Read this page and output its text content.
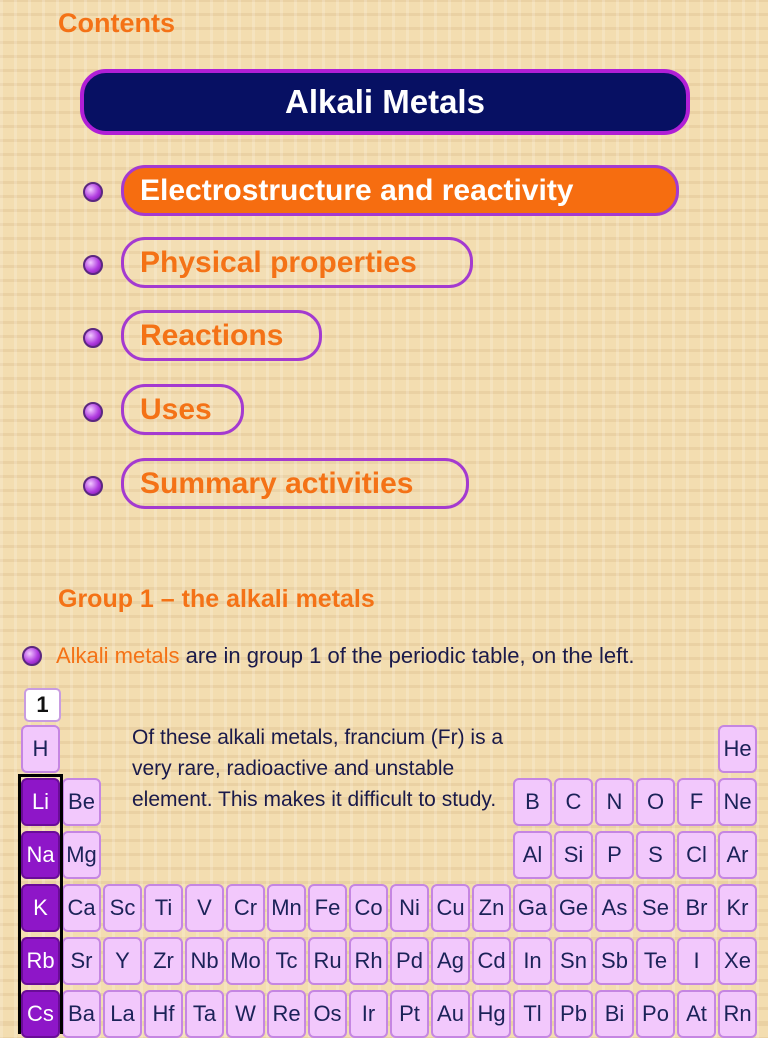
Contents
Alkali Metals
Electrostructure and reactivity
Physical properties
Reactions
Uses
Summary activities
Group 1 – the alkali metals
Alkali metals are in group 1 of the periodic table, on the left.
Of these alkali metals, francium (Fr) is a very rare, radioactive and unstable element. This makes it difficult to study.
1
H	He
Li Be	B	C	N	O	F Ne
Na Mg	Al Si	P	S	Cl Ar
K Ca Sc Ti	V	Cr Mn Fe Co Ni Cu Zn Ga Ge As Se Br Kr
Rb Sr	Y	Zr Nb Mo Tc Ru Rh Pd Ag Cd In Sn Sb Te	I	Xe
Cs Ba La Hf Ta W Re Os Ir	Pt Au Hg Tl Pb Bi Po At Rn
